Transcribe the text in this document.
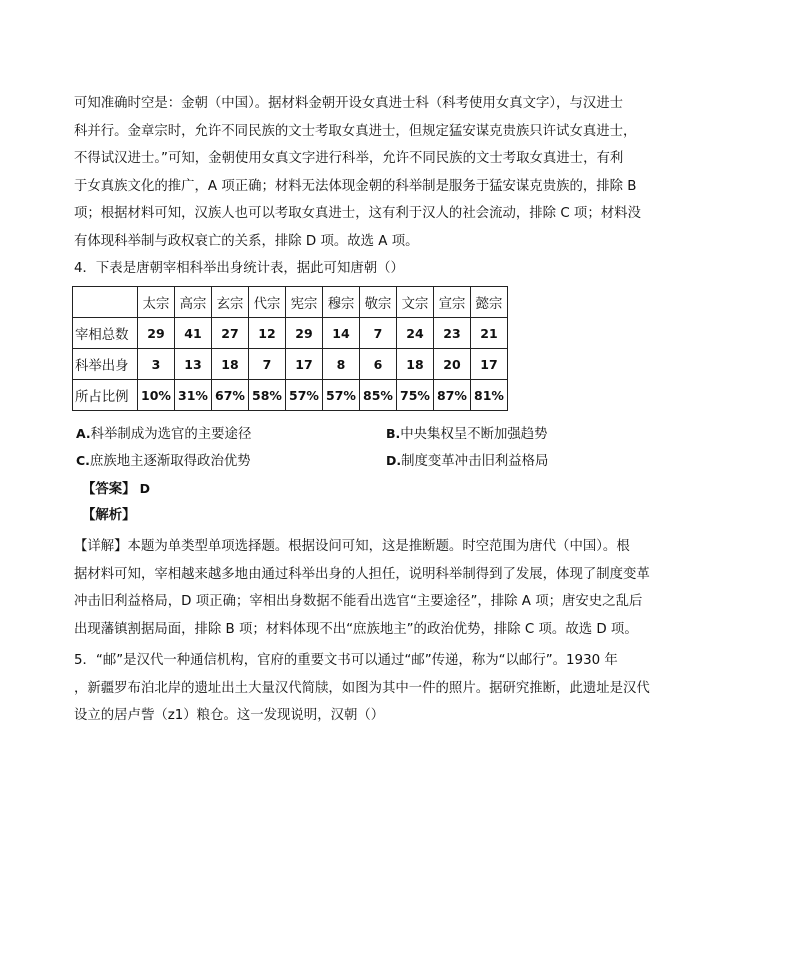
可知准确时空是：金朝（中国）。据材料金朝开设女真进士科（科考使用女真文字），与汉进士

科并行。金章宗时，允许不同民族的文士考取女真进士，但规定猛安谋克贵族只许试女真进士，

不得试汉进士。”可知，金朝使用女真文字进行科举，允许不同民族的文士考取女真进士，有利

于女真族文化的推广，A 项正确；材料无法体现金朝的科举制是服务于猛安谋克贵族的，排除 B

项；根据材料可知，汉族人也可以考取女真进士，这有利于汉人的社会流动，排除 C 项；材料没

有体现科举制与政权衰亡的关系，排除 D 项。故选 A 项。

4．下表是唐朝宰相科举出身统计表，据此可知唐朝（）

	太宗	高宗	玄宗	代宗	宪宗	穆宗	敬宗	文宗	宣宗	懿宗
宰相总数	29	41	27	12	29	14	7	24	23	21
科举出身	3	13	18	7	17	8	6	18	20	17
所占比例	10%	31%	67%	58%	57%	57%	85%	75%	87%	81%
A.科举制成为选官的主要途径	B.中央集权呈不断加强趋势
C.庶族地主逐渐取得政治优势	D.制度变革冲击旧利益格局
【答案】 D
【解析】

【详解】本题为单类型单项选择题。根据设问可知，这是推断题。时空范围为唐代（中国）。根

据材料可知，宰相越来越多地由通过科举出身的人担任，说明科举制得到了发展，体现了制度变革

冲击旧利益格局，D 项正确；宰相出身数据不能看出选官“主要途径”，排除 A 项；唐安史之乱后

出现藩镇割据局面，排除 B 项；材料体现不出“庶族地主”的政治优势，排除 C 项。故选 D 项。

5．“邮”是汉代一种通信机构，官府的重要文书可以通过“邮”传递，称为“以邮行”。1930 年

，新疆罗布泊北岸的遗址出土大量汉代简牍，如图为其中一件的照片。据研究推断，此遗址是汉代

设立的居卢訾（z1）粮仓。这一发现说明，汉朝（）
